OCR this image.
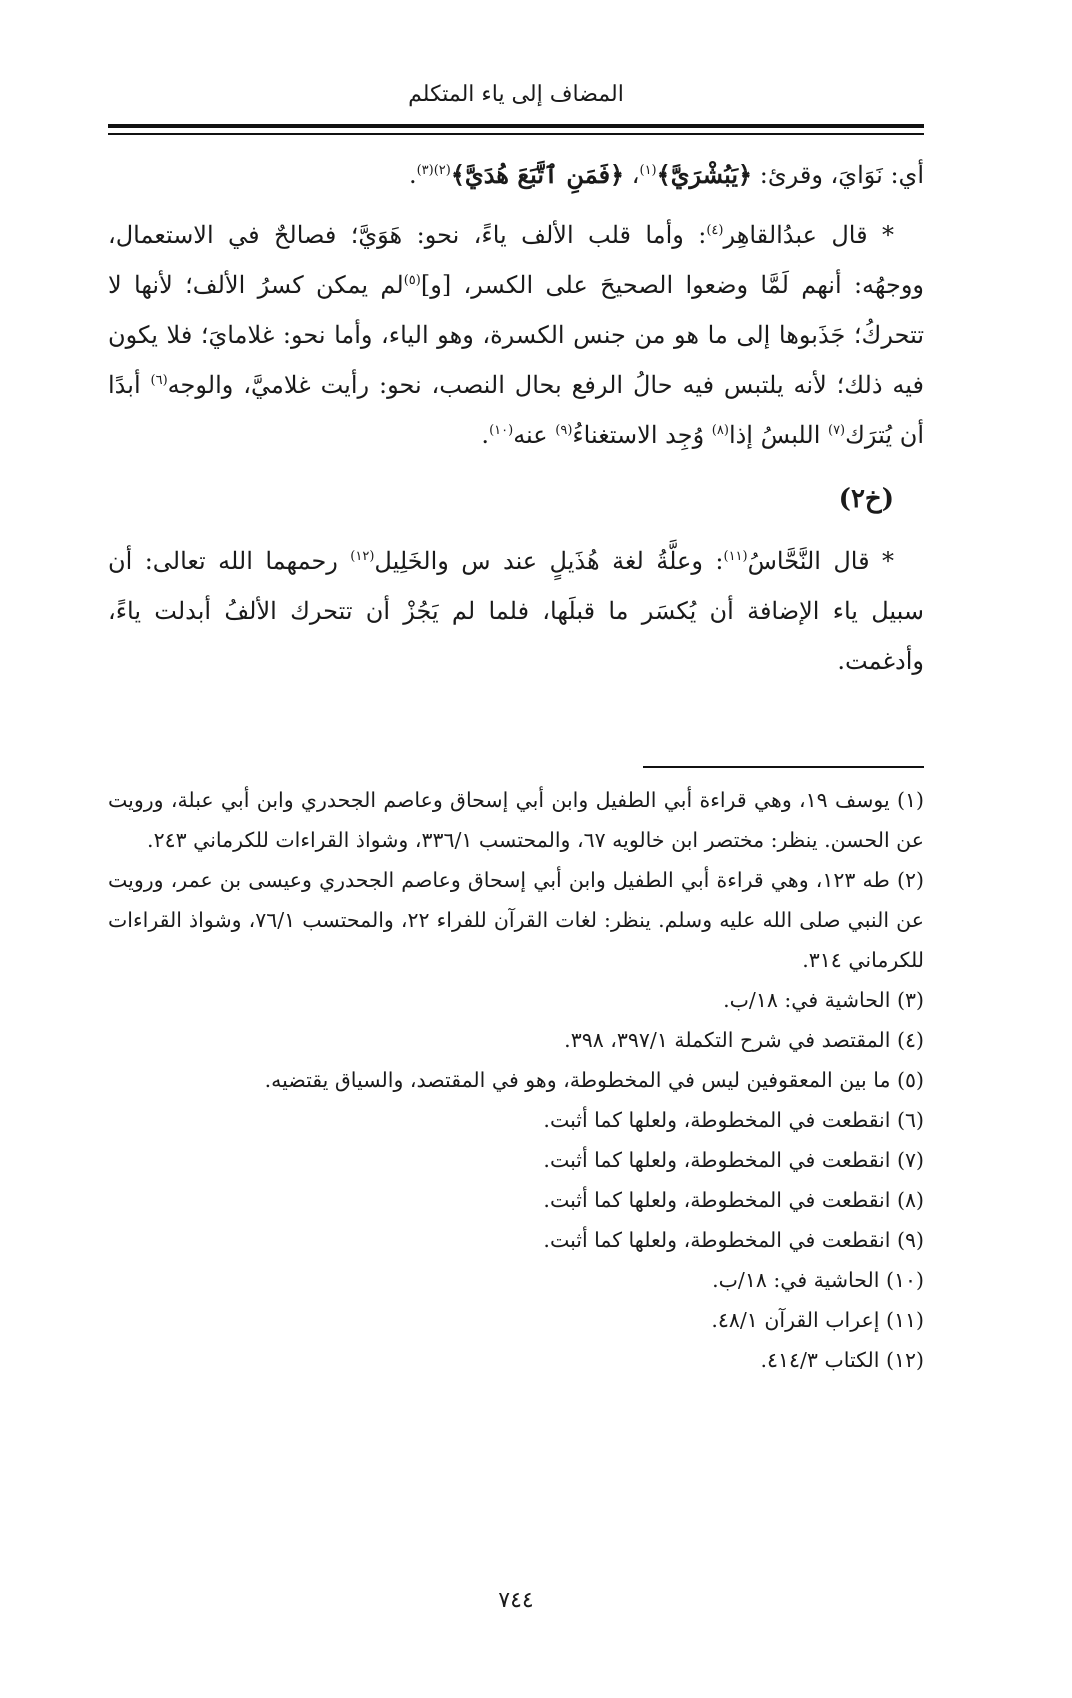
المضاف إلى ياء المتكلم

أي: نَوَايَ، وقرئ: ﴿يَبُشْرَيَّ﴾$^{(١)}$، ﴿فَمَنِ ٱتَّبَعَ هُدَيَّ﴾$^{(٢)(٣)}$.

* قال عبدُالقاهِر$^{(٤)}$: وأما قلب الألف ياءً، نحو: هَوَيَّ؛ فصالحٌ في الاستعمال، ووجهُه: أنهم لَمَّا وضعوا الصحيحَ على الكسر، [و]$^{(٥)}$لم يمكن كسرُ الألف؛ لأنها لا تتحركُ؛ جَذَبوها إلى ما هو من جنس الكسرة، وهو الياء، وأما نحو: غلامايَ؛ فلا يكون فيه ذلك؛ لأنه يلتبس فيه حالُ الرفع بحال النصب، نحو: رأيت غلاميَّ، والوجه$^{(٦)}$ أبدًا أن يُترَك$^{(٧)}$ اللبسُ إذا$^{(٨)}$ وُجِد الاستغناءُ$^{(٩)}$ عنه$^{(١٠)}$.

(خ٢)

* قال النَّحَّاسُ$^{(١١)}$: وعلَّةُ لغة هُذَيلٍ عند س والخَلِيل$^{(١٢)}$ رحمهما الله تعالى: أن سبيل ياء الإضافة أن يُكسَر ما قبلَها، فلما لم يَجُزْ أن تتحرك الألفُ أبدلت ياءً، وأدغمت.

(١) يوسف ١٩، وهي قراءة أبي الطفيل وابن أبي إسحاق وعاصم الجحدري وابن أبي عبلة، ورويت عن الحسن. ينظر: مختصر ابن خالويه ٦٧، والمحتسب ٣٣٦/١، وشواذ القراءات للكرماني ٢٤٣.

(٢) طه ١٢٣، وهي قراءة أبي الطفيل وابن أبي إسحاق وعاصم الجحدري وعيسى بن عمر، ورويت عن النبي صلى الله عليه وسلم. ينظر: لغات القرآن للفراء ٢٢، والمحتسب ٧٦/١، وشواذ القراءات للكرماني ٣١٤.

(٣) الحاشية في: ١٨/ب.

(٤) المقتصد في شرح التكملة ٣٩٧/١، ٣٩٨.

(٥) ما بين المعقوفين ليس في المخطوطة، وهو في المقتصد، والسياق يقتضيه.

(٦) انقطعت في المخطوطة، ولعلها كما أثبت.

(٧) انقطعت في المخطوطة، ولعلها كما أثبت.

(٨) انقطعت في المخطوطة، ولعلها كما أثبت.

(٩) انقطعت في المخطوطة، ولعلها كما أثبت.

(١٠) الحاشية في: ١٨/ب.

(١١) إعراب القرآن ٤٨/١.

(١٢) الكتاب ٤١٤/٣.

٧٤٤
